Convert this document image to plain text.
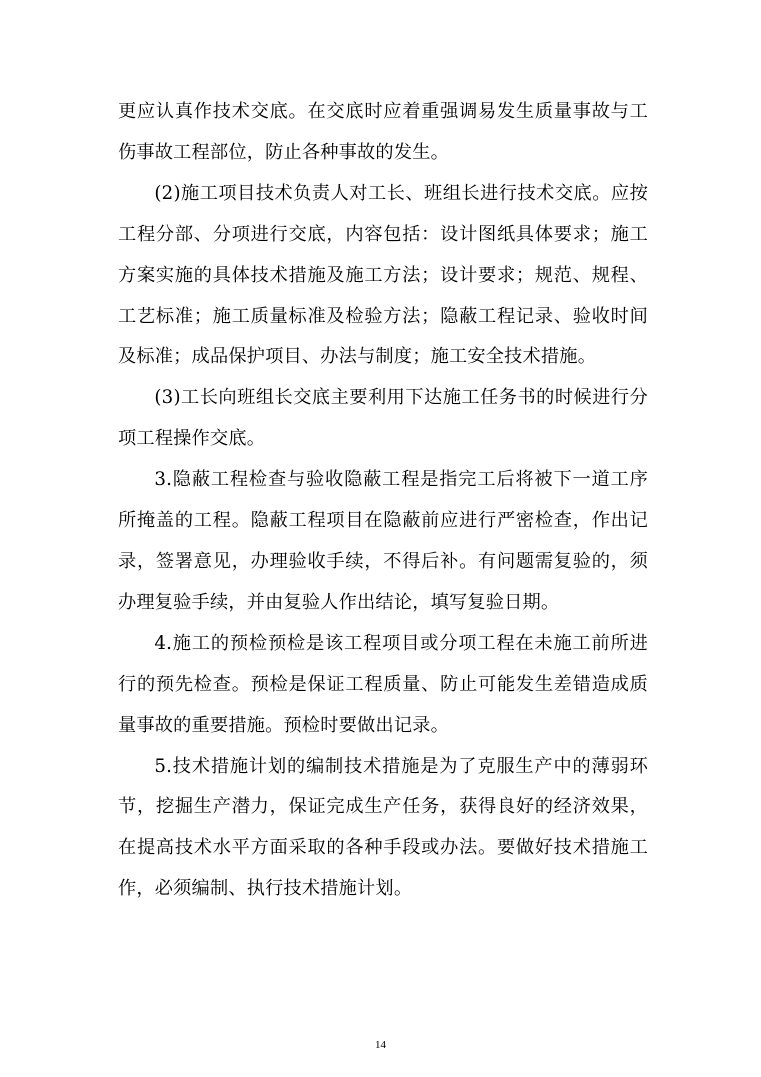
更应认真作技术交底。在交底时应着重强调易发生质量事故与工伤事故工程部位，防止各种事故的发生。

(2)施工项目技术负责人对工长、班组长进行技术交底。应按工程分部、分项进行交底，内容包括：设计图纸具体要求；施工方案实施的具体技术措施及施工方法；设计要求；规范、规程、工艺标准；施工质量标准及检验方法；隐蔽工程记录、验收时间及标准；成品保护项目、办法与制度；施工安全技术措施。

(3)工长向班组长交底主要利用下达施工任务书的时候进行分项工程操作交底。

3.隐蔽工程检查与验收隐蔽工程是指完工后将被下一道工序所掩盖的工程。隐蔽工程项目在隐蔽前应进行严密检查，作出记录，签署意见，办理验收手续，不得后补。有问题需复验的，须办理复验手续，并由复验人作出结论，填写复验日期。

4.施工的预检预检是该工程项目或分项工程在未施工前所进行的预先检查。预检是保证工程质量、防止可能发生差错造成质量事故的重要措施。预检时要做出记录。

5.技术措施计划的编制技术措施是为了克服生产中的薄弱环节，挖掘生产潜力，保证完成生产任务，获得良好的经济效果，在提高技术水平方面采取的各种手段或办法。要做好技术措施工作，必须编制、执行技术措施计划。

14
